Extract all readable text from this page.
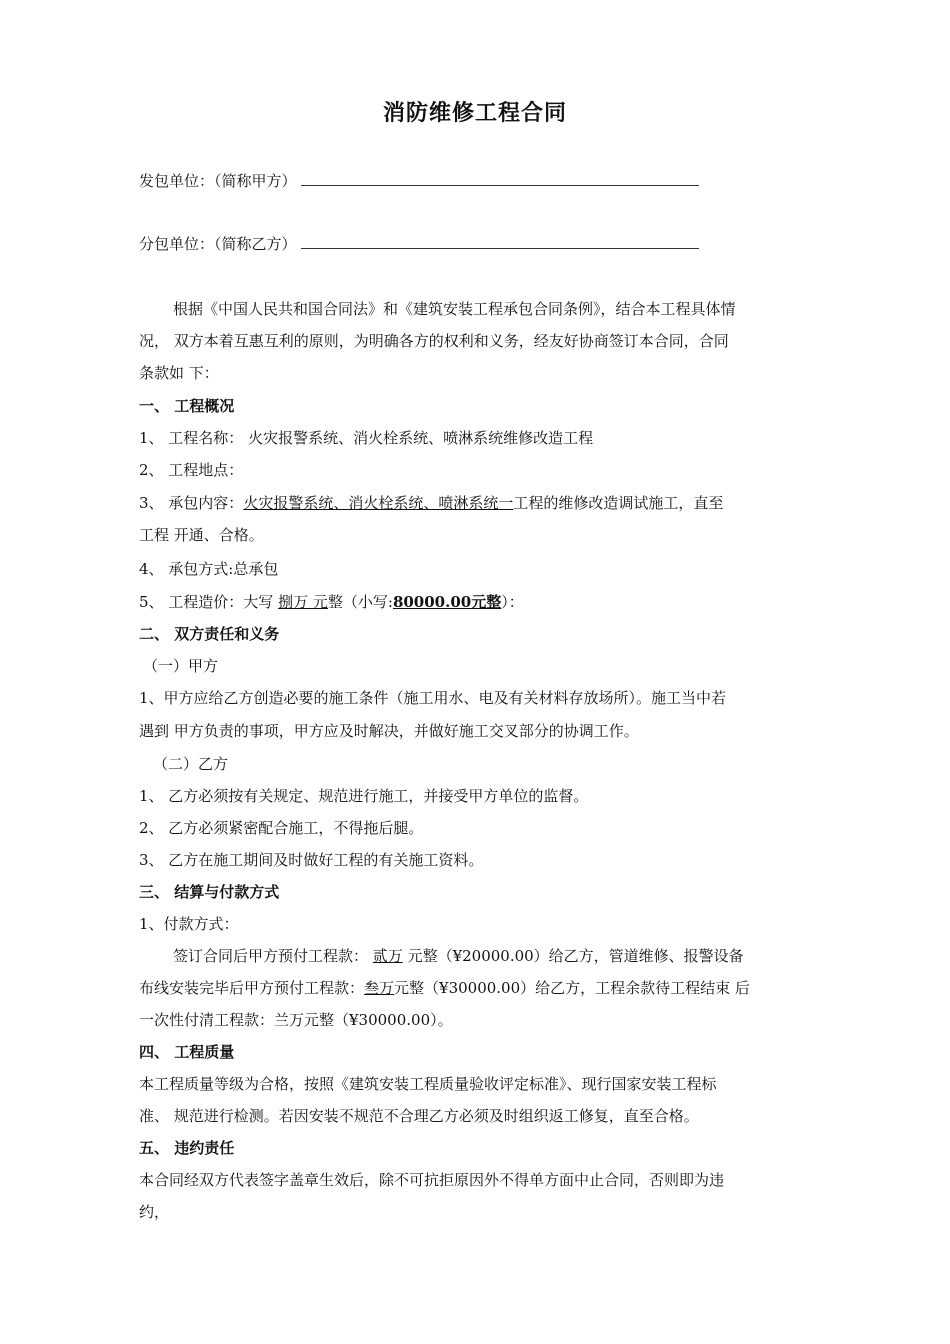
消防维修工程合同
发包单位：（简称甲方）
分包单位：（简称乙方）
根据《中国人民共和国合同法》和《建筑安装工程承包合同条例》，结合本工程具体情
况， 双方本着互惠互利的原则，为明确各方的权利和义务，经友好协商签订本合同，合同
条款如 下：
一、 工程概况
1、 工程名称： 火灾报警系统、消火栓系统、喷淋系统维修改造工程
2、 工程地点：
3、 承包内容：火灾报警系统、消火栓系统、喷淋系统一工程的维修改造调试施工，直至
工程 开通、合格。
4、 承包方式:总承包
5、 工程造价：大写 捌万 元整（小写:80000.00元整）：
二、 双方责任和义务
（一）甲方
1、甲方应给乙方创造必要的施工条件（施工用水、电及有关材料存放场所）。施工当中若
遇到 甲方负责的事项，甲方应及时解决，并做好施工交叉部分的协调工作。
（二）乙方
1、 乙方必须按有关规定、规范进行施工，并接受甲方单位的监督。
2、 乙方必须紧密配合施工，不得拖后腿。
3、 乙方在施工期间及时做好工程的有关施工资料。
三、 结算与付款方式
1、付款方式：
签订合同后甲方预付工程款： 贰万 元整（¥20000.00）给乙方，管道维修、报警设备
布线安装完毕后甲方预付工程款：叁万元整（¥30000.00）给乙方，工程余款待工程结束 后
一次性付清工程款：兰万元整（¥30000.00）。
四、 工程质量
本工程质量等级为合格，按照《建筑安装工程质量验收评定标准》、现行国家安装工程标
准、 规范进行检测。若因安装不规范不合理乙方必须及时组织返工修复，直至合格。
五、 违约责任
本合同经双方代表签字盖章生效后，除不可抗拒原因外不得单方面中止合同，否则即为违
约，
